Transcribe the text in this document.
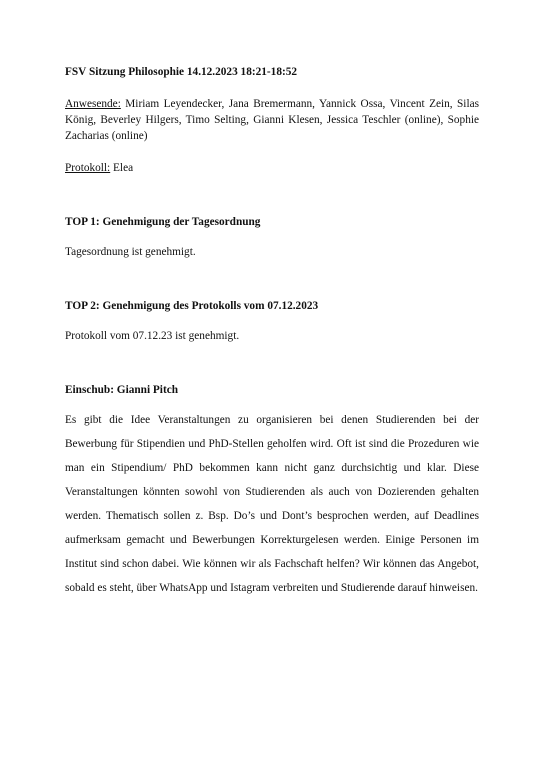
FSV Sitzung Philosophie 14.12.2023 18:21-18:52

Anwesende: Miriam Leyendecker, Jana Bremermann, Yannick Ossa, Vincent Zein, Silas König, Beverley Hilgers, Timo Selting, Gianni Klesen, Jessica Teschler (online), Sophie Zacharias (online)
Protokoll: Elea
TOP 1: Genehmigung der Tagesordnung
Tagesordnung ist genehmigt.
TOP 2: Genehmigung des Protokolls vom 07.12.2023
Protokoll vom 07.12.23 ist genehmigt.
Einschub: Gianni Pitch
Es gibt die Idee Veranstaltungen zu organisieren bei denen Studierenden bei der Bewerbung für Stipendien und PhD-Stellen geholfen wird. Oft ist sind die Prozeduren wie man ein Stipendium/ PhD bekommen kann nicht ganz durchsichtig und klar. Diese Veranstaltungen könnten sowohl von Studierenden als auch von Dozierenden gehalten werden. Thematisch sollen z. Bsp. Do’s und Dont’s besprochen werden, auf Deadlines aufmerksam gemacht und Bewerbungen Korrekturgelesen werden. Einige Personen im Institut sind schon dabei. Wie können wir als Fachschaft helfen? Wir können das Angebot, sobald es steht, über WhatsApp und Istagram verbreiten und Studierende darauf hinweisen.
